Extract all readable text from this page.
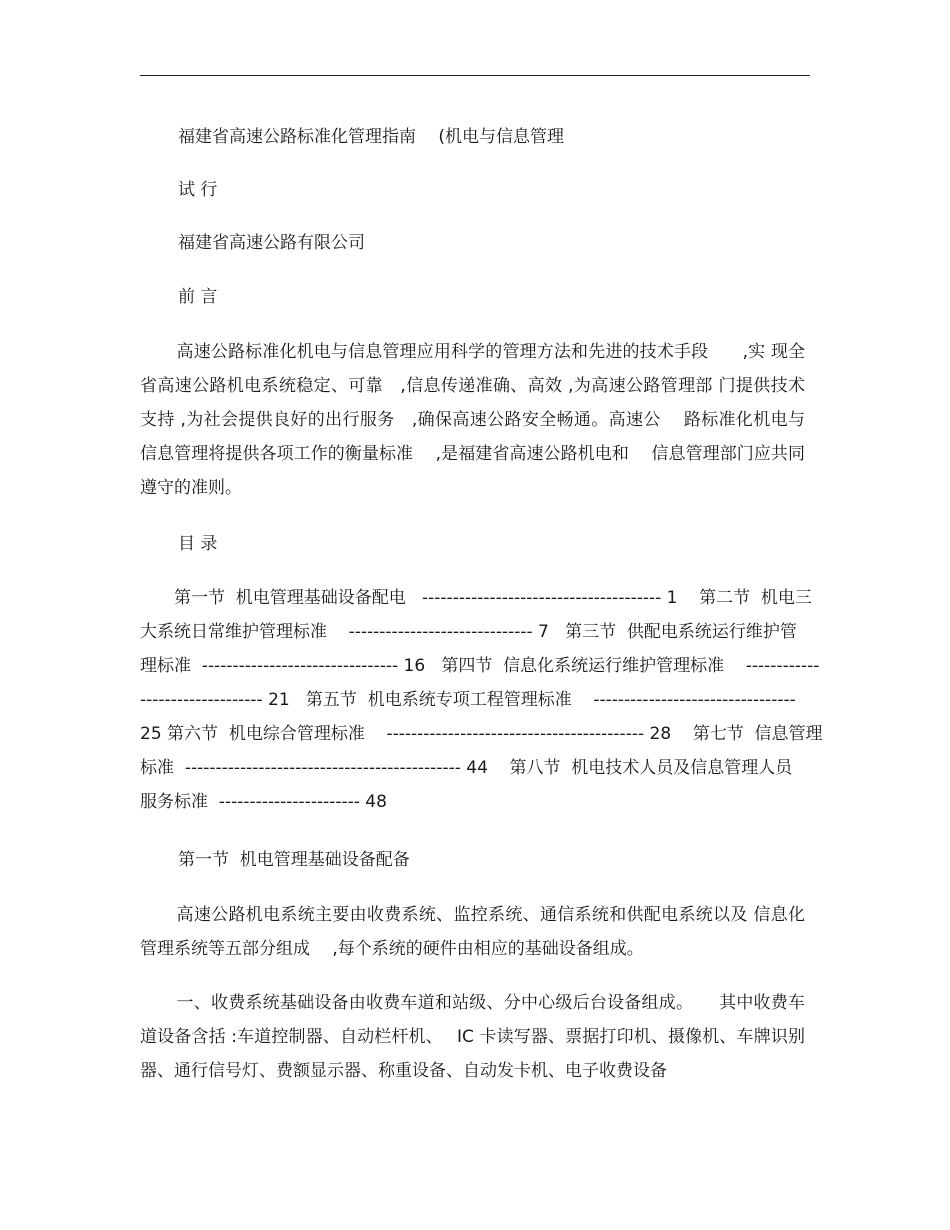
福建省高速公路标准化管理指南　 (机电与信息管理
试 行
福建省高速公路有限公司
前 言

高速公路标准化机电与信息管理应用科学的管理方法和先进的技术手段　　,实 现全省高速公路机电系统稳定、可靠　,信息传递准确、高效 ,为高速公路管理部 门提供技术支持 ,为社会提供良好的出行服务　,确保高速公路安全畅通。高速公　 路标准化机电与信息管理将提供各项工作的衡量标准　 ,是福建省高速公路机电和　 信息管理部门应共同遵守的准则。

目 录
　　第一节  机电管理基础设备配电   --------------------------------------- 1    第二节  机电三
大系统日常维护管理标准    ------------------------------ 7   第三节  供配电系统运行维护管
理标准  -------------------------------- 16   第四节  信息化系统运行维护管理标准    ------------
-------------------- 21   第五节  机电系统专项工程管理标准    ---------------------------------
25 第六节  机电综合管理标准    ------------------------------------------ 28    第七节  信息管理
标准  --------------------------------------------- 44    第八节  机电技术人员及信息管理人员
服务标准  ----------------------- 48
第一节  机电管理基础设备配备

高速公路机电系统主要由收费系统、监控系统、通信系统和供配电系统以及 信息化管理系统等五部分组成　 ,每个系统的硬件由相应的基础设备组成。

一、收费系统基础设备由收费车道和站级、分中心级后台设备组成。　　其中收费车道设备含括 :车道控制器、自动栏杆机、　 IC 卡读写器、票据打印机、摄像机、车牌识别器、通行信号灯、费额显示器、称重设备、自动发卡机、电子收费设备
